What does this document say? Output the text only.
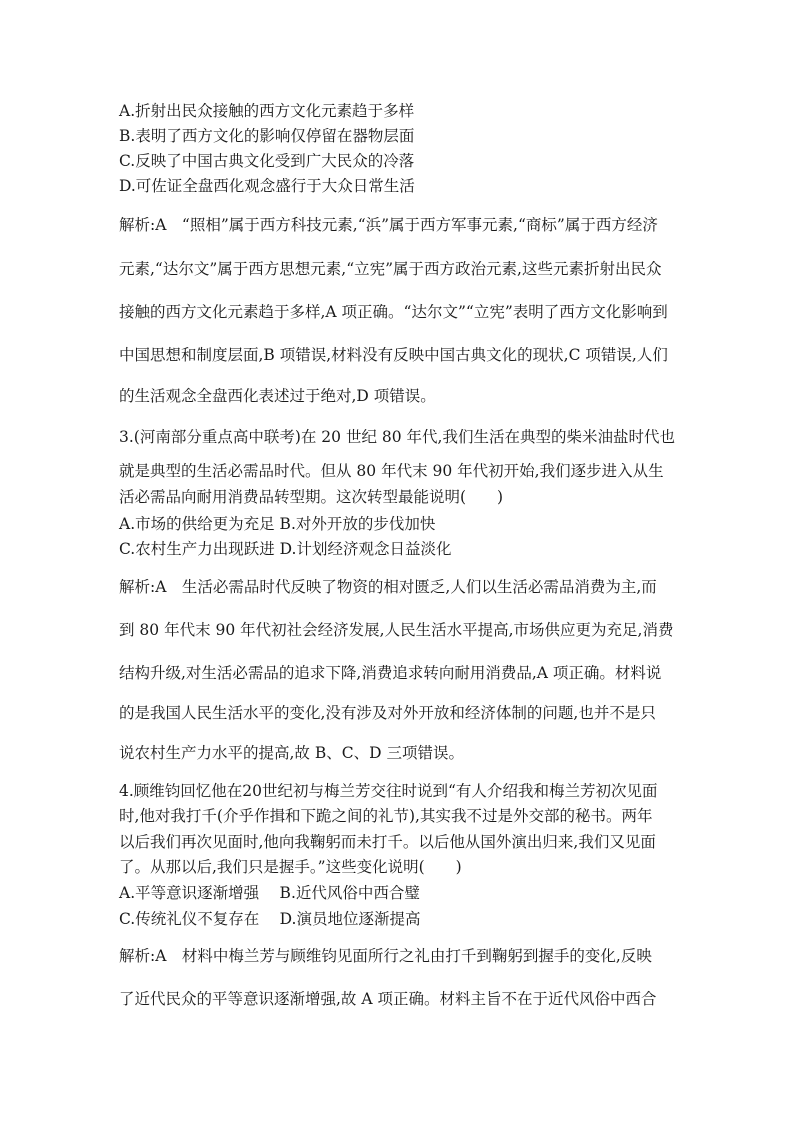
A.折射出民众接触的西方文化元素趋于多样
B.表明了西方文化的影响仅停留在器物层面
C.反映了中国古典文化受到广大民众的冷落
D.可佐证全盘西化观念盛行于大众日常生活
解析:A　“照相”属于西方科技元素,“浜”属于西方军事元素,“商标”属于西方经济
元素,“达尔文”属于西方思想元素,“立宪”属于西方政治元素,这些元素折射出民众
接触的西方文化元素趋于多样,A 项正确。“达尔文”“立宪”表明了西方文化影响到
中国思想和制度层面,B 项错误,材料没有反映中国古典文化的现状,C 项错误,人们
的生活观念全盘西化表述过于绝对,D 项错误。
3.(河南部分重点高中联考)在 20 世纪 80 年代,我们生活在典型的柴米油盐时代也
就是典型的生活必需品时代。但从 80 年代末 90 年代初开始,我们逐步进入从生
活必需品向耐用消费品转型期。这次转型最能说明(　　)
A.市场的供给更为充足 B.对外开放的步伐加快
C.农村生产力出现跃进 D.计划经济观念日益淡化
解析:A　生活必需品时代反映了物资的相对匮乏,人们以生活必需品消费为主,而
到 80 年代末 90 年代初社会经济发展,人民生活水平提高,市场供应更为充足,消费
结构升级,对生活必需品的追求下降,消费追求转向耐用消费品,A 项正确。材料说
的是我国人民生活水平的变化,没有涉及对外开放和经济体制的问题,也并不是只
说农村生产力水平的提高,故 B、C、D 三项错误。
4.顾维钧回忆他在20世纪初与梅兰芳交往时说到“有人介绍我和梅兰芳初次见面
时,他对我打千(介乎作揖和下跪之间的礼节),其实我不过是外交部的秘书。两年
以后我们再次见面时,他向我鞠躬而未打千。以后他从国外演出归来,我们又见面
了。从那以后,我们只是握手。”这些变化说明(　　)
A.平等意识逐渐增强　 B.近代风俗中西合璧
C.传统礼仪不复存在　 D.演员地位逐渐提高
解析:A　材料中梅兰芳与顾维钧见面所行之礼由打千到鞠躬到握手的变化,反映
了近代民众的平等意识逐渐增强,故 A 项正确。材料主旨不在于近代风俗中西合
